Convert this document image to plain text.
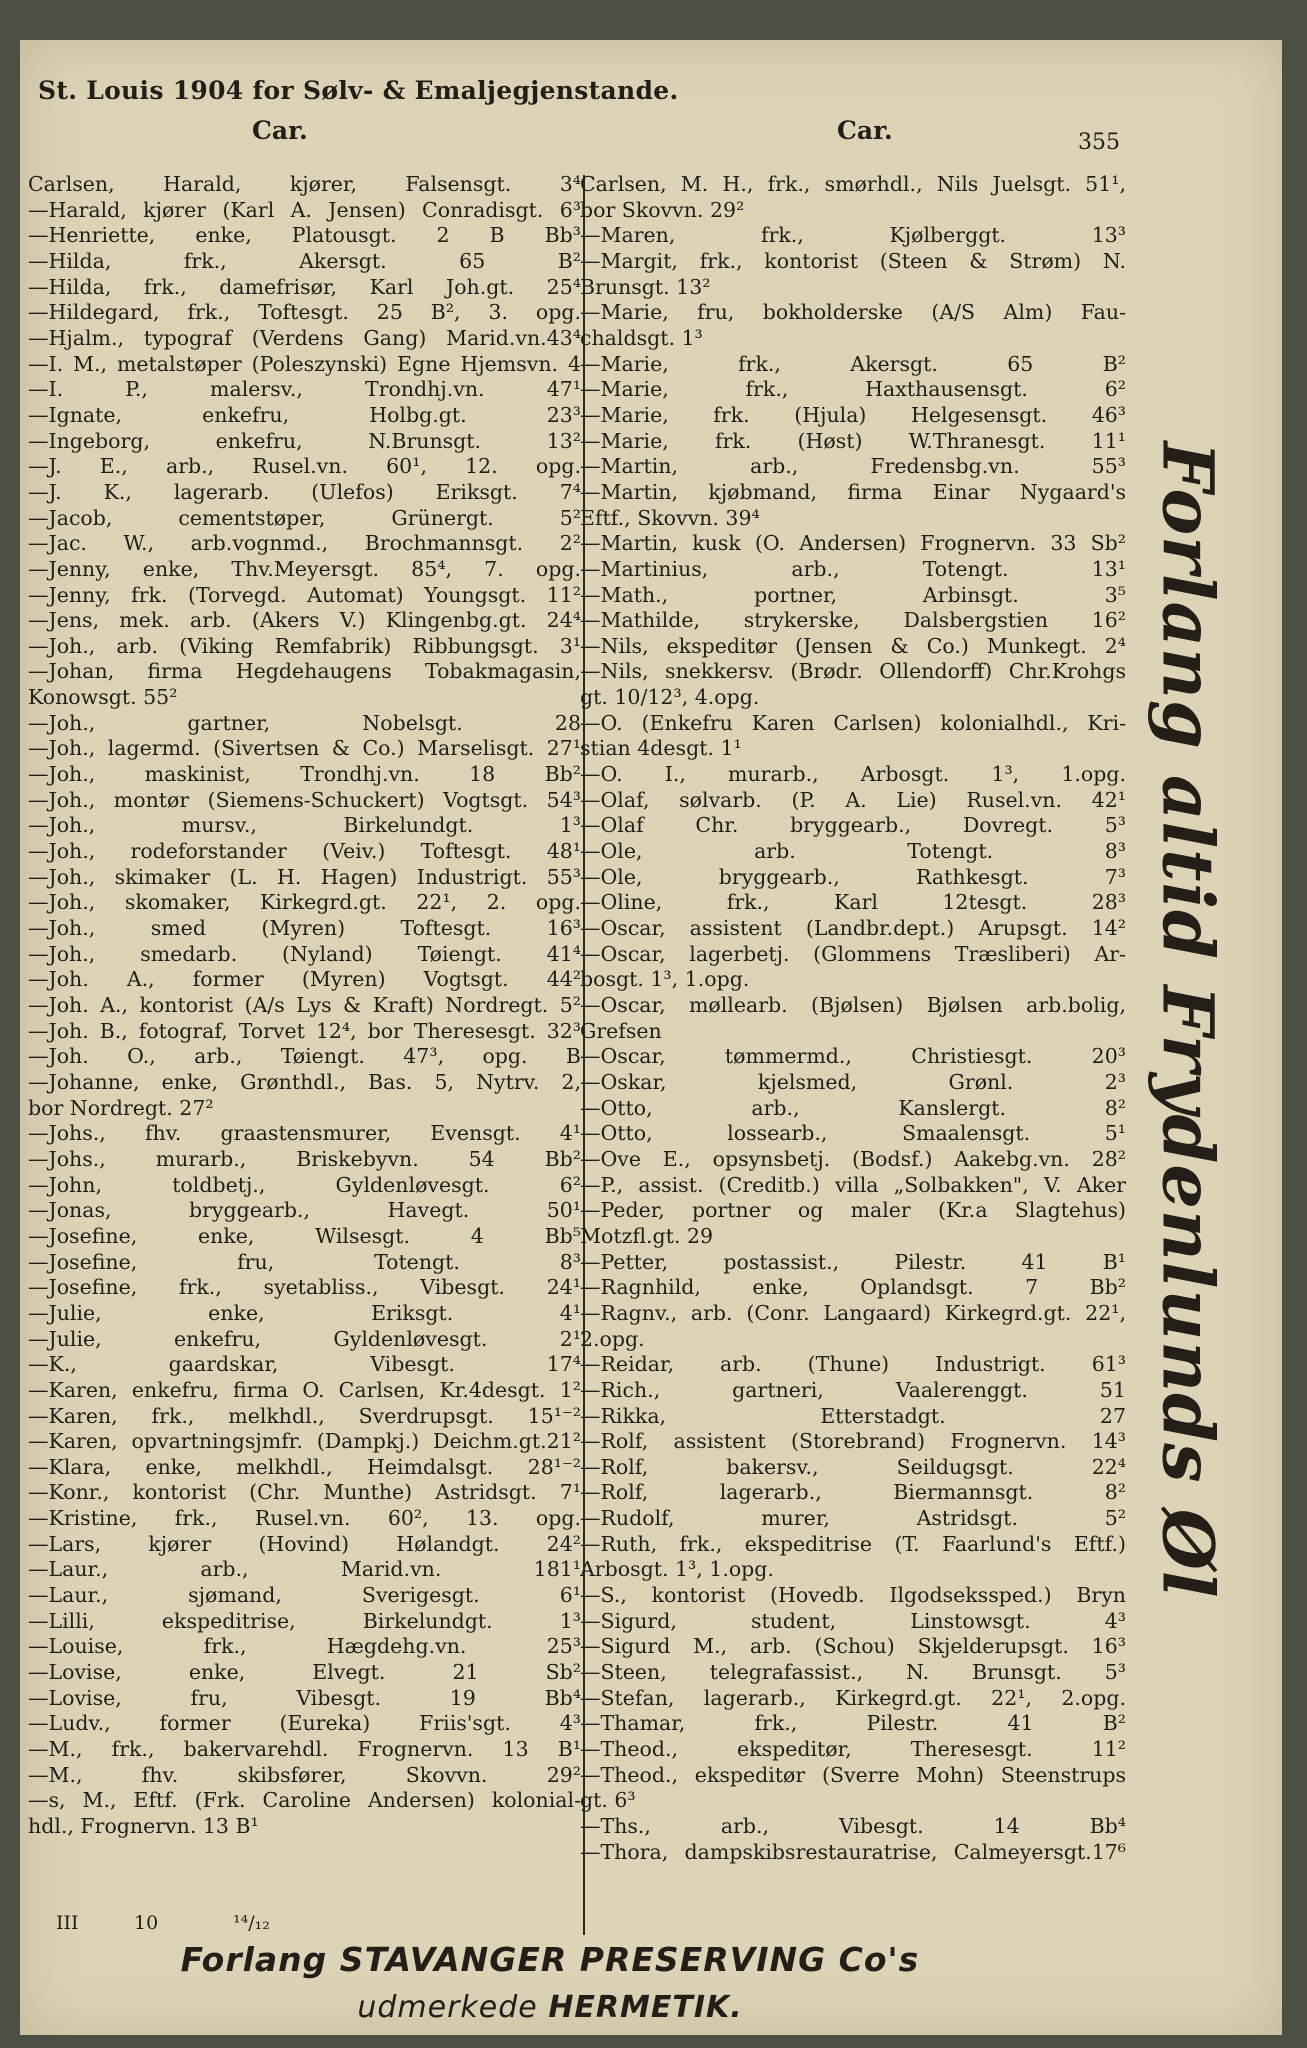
St. Louis 1904 for Sølv- & Emaljegjenstande.
Car.	Car.	355
Carlsen, Harald, kjører, Falsensgt. 3⁴
—Harald, kjører (Karl A. Jensen) Conradisgt. 6³
—Henriette, enke, Platousgt. 2 B Bb³
—Hilda, frk., Akersgt. 65 B²
—Hilda, frk., damefrisør, Karl Joh.gt. 25⁴
—Hildegard, frk., Toftesgt. 25 B², 3. opg.
—Hjalm., typograf (Verdens Gang) Marid.vn.43⁴
—I. M., metalstøper (Poleszynski) Egne Hjemsvn. 4
—I. P., malersv., Trondhj.vn. 47¹
—Ignate, enkefru, Holbg.gt. 23³
—Ingeborg, enkefru, N.Brunsgt. 13²
—J. E., arb., Rusel.vn. 60¹, 12. opg.
—J. K., lagerarb. (Ulefos) Eriksgt. 7⁴
—Jacob, cementstøper, Grünergt. 5²
—Jac. W., arb.vognmd., Brochmannsgt. 2²
—Jenny, enke, Thv.Meyersgt. 85⁴, 7. opg.
—Jenny, frk. (Torvegd. Automat) Youngsgt. 11²
—Jens, mek. arb. (Akers V.) Klingenbg.gt. 24⁴
—Joh., arb. (Viking Remfabrik) Ribbungsgt. 3¹
—Johan, firma Hegdehaugens Tobakmagasin,
Konowsgt. 55²
—Joh., gartner, Nobelsgt. 28
—Joh., lagermd. (Sivertsen & Co.) Marselisgt. 27¹
—Joh., maskinist, Trondhj.vn. 18 Bb²
—Joh., montør (Siemens-Schuckert) Vogtsgt. 54³
—Joh., mursv., Birkelundgt. 1³
—Joh., rodeforstander (Veiv.) Toftesgt. 48¹
—Joh., skimaker (L. H. Hagen) Industrigt. 55³
—Joh., skomaker, Kirkegrd.gt. 22¹, 2. opg.
—Joh., smed (Myren) Toftesgt. 16³
—Joh., smedarb. (Nyland) Tøiengt. 41⁴
—Joh. A., former (Myren) Vogtsgt. 44²
—Joh. A., kontorist (A/s Lys & Kraft) Nordregt. 5²
—Joh. B., fotograf, Torvet 12⁴, bor Theresesgt. 32³
—Joh. O., arb., Tøiengt. 47³, opg. B
—Johanne, enke, Grønthdl., Bas. 5, Nytrv. 2,
bor Nordregt. 27²
—Johs., fhv. graastensmurer, Evensgt. 4¹
—Johs., murarb., Briskebyvn. 54 Bb²
—John, toldbetj., Gyldenløvesgt. 6²
—Jonas, bryggearb., Havegt. 50¹
—Josefine, enke, Wilsesgt. 4 Bb⁵
—Josefine, fru, Totengt. 8³
—Josefine, frk., syetabliss., Vibesgt. 24¹
—Julie, enke, Eriksgt. 4¹
—Julie, enkefru, Gyldenløvesgt. 2¹
—K., gaardskar, Vibesgt. 17⁴
—Karen, enkefru, firma O. Carlsen, Kr.4desgt. 1²
—Karen, frk., melkhdl., Sverdrupsgt. 15¹⁻²
—Karen, opvartningsjmfr. (Dampkj.) Deichm.gt.21²
—Klara, enke, melkhdl., Heimdalsgt. 28¹⁻²
—Konr., kontorist (Chr. Munthe) Astridsgt. 7¹
—Kristine, frk., Rusel.vn. 60², 13. opg.
—Lars, kjører (Hovind) Hølandgt. 24²
—Laur., arb., Marid.vn. 181¹
—Laur., sjømand, Sverigesgt. 6¹
—Lilli, ekspeditrise, Birkelundgt. 1³
—Louise, frk., Hægdehg.vn. 25³
—Lovise, enke, Elvegt. 21 Sb²
—Lovise, fru, Vibesgt. 19 Bb⁴
—Ludv., former (Eureka) Friis'sgt. 4³
—M., frk., bakervarehdl. Frognervn. 13 B¹
—M., fhv. skibsfører, Skovvn. 29²
—s, M., Eftf. (Frk. Caroline Andersen) kolonial-
hdl., Frognervn. 13 B¹
Carlsen, M. H., frk., smørhdl., Nils Juelsgt. 51¹,
bor Skovvn. 29²
—Maren, frk., Kjølberggt. 13³
—Margit, frk., kontorist (Steen & Strøm) N.
Brunsgt. 13²
—Marie, fru, bokholderske (A/S Alm) Fau-
chaldsgt. 1³
—Marie, frk., Akersgt. 65 B²
—Marie, frk., Haxthausensgt. 6²
—Marie, frk. (Hjula) Helgesensgt. 46³
—Marie, frk. (Høst) W.Thranesgt. 11¹
—Martin, arb., Fredensbg.vn. 55³
—Martin, kjøbmand, firma Einar Nygaard's
Eftf., Skovvn. 39⁴
—Martin, kusk (O. Andersen) Frognervn. 33 Sb²
—Martinius, arb., Totengt. 13¹
—Math., portner, Arbinsgt. 3⁵
—Mathilde, strykerske, Dalsbergstien 16²
—Nils, ekspeditør (Jensen & Co.) Munkegt. 2⁴
—Nils, snekkersv. (Brødr. Ollendorff) Chr.Krohgs
gt. 10/12³, 4.opg.
—O. (Enkefru Karen Carlsen) kolonialhdl., Kri-
stian 4desgt. 1¹
—O. I., murarb., Arbosgt. 1³, 1.opg.
—Olaf, sølvarb. (P. A. Lie) Rusel.vn. 42¹
—Olaf Chr. bryggearb., Dovregt. 5³
—Ole, arb. Totengt. 8³
—Ole, bryggearb., Rathkesgt. 7³
—Oline, frk., Karl 12tesgt. 28³
—Oscar, assistent (Landbr.dept.) Arupsgt. 14²
—Oscar, lagerbetj. (Glommens Træsliberi) Ar-
bosgt. 1³, 1.opg.
—Oscar, møllearb. (Bjølsen) Bjølsen arb.bolig,
Grefsen
—Oscar, tømmermd., Christiesgt. 20³
—Oskar, kjelsmed, Grønl. 2³
—Otto, arb., Kanslergt. 8²
—Otto, lossearb., Smaalensgt. 5¹
—Ove E., opsynsbetj. (Bodsf.) Aakebg.vn. 28²
—P., assist. (Creditb.) villa „Solbakken", V. Aker
—Peder, portner og maler (Kr.a Slagtehus)
Motzfl.gt. 29
—Petter, postassist., Pilestr. 41 B¹
—Ragnhild, enke, Oplandsgt. 7 Bb²
—Ragnv., arb. (Conr. Langaard) Kirkegrd.gt. 22¹,
2.opg.
—Reidar, arb. (Thune) Industrigt. 61³
—Rich., gartneri, Vaalerenggt. 51
—Rikka, Etterstadgt. 27
—Rolf, assistent (Storebrand) Frognervn. 14³
—Rolf, bakersv., Seildugsgt. 22⁴
—Rolf, lagerarb., Biermannsgt. 8²
—Rudolf, murer, Astridsgt. 5²
—Ruth, frk., ekspeditrise (T. Faarlund's Eftf.)
Arbosgt. 1³, 1.opg.
—S., kontorist (Hovedb. Ilgodsekssped.) Bryn
—Sigurd, student, Linstowsgt. 4³
—Sigurd M., arb. (Schou) Skjelderupsgt. 16³
—Steen, telegrafassist., N. Brunsgt. 5³
—Stefan, lagerarb., Kirkegrd.gt. 22¹, 2.opg.
—Thamar, frk., Pilestr. 41 B²
—Theod., ekspeditør, Theresesgt. 11²
—Theod., ekspeditør (Sverre Mohn) Steenstrups
gt. 6³
—Ths., arb., Vibesgt. 14 Bb⁴
—Thora, dampskibsrestauratrise, Calmeyersgt.17⁶
Forlang altid Frydenlunds Øl
III	10	¹⁴/₁₂
Forlang STAVANGER PRESERVING Co's
udmerkede HERMETIK.
